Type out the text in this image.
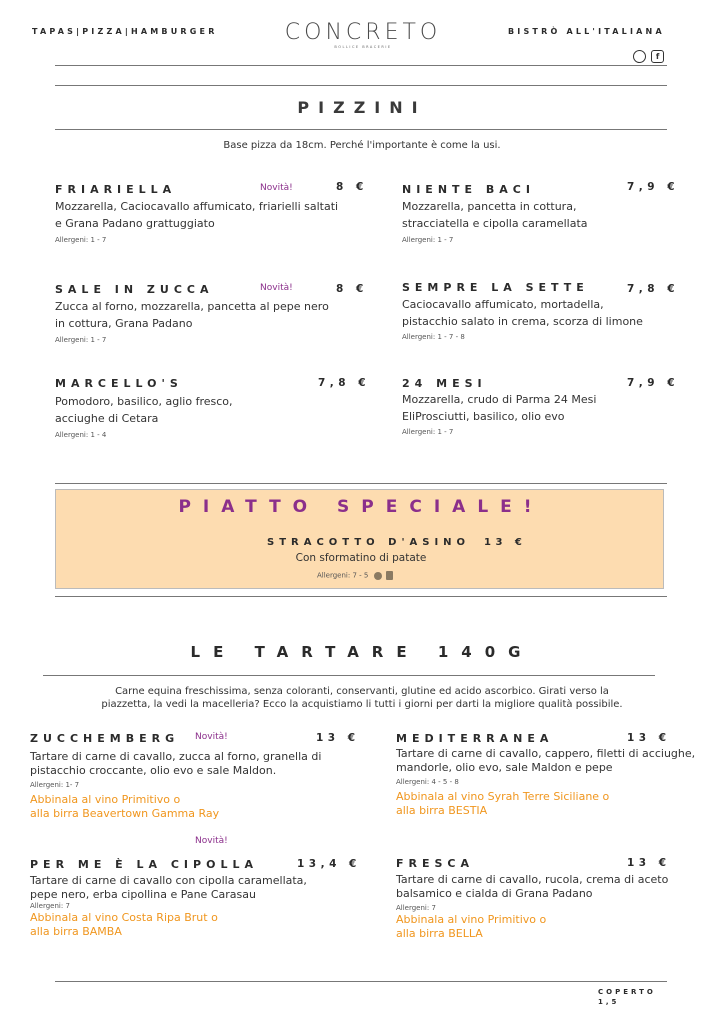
TAPAS|PIZZA|HAMBURGER	CONCRETO
BOLLICE BRACERIE
BISTRÒ ALL'ITALIANA
f
PIZZINI
Base pizza da 18cm. Perché l'importante è come la usi.
FRIARIELLA	Novità!	8 €
Mozzarella, Caciocavallo affumicato, friarielli saltati
e Grana Padano grattuggiato
Allergeni: 1 - 7
NIENTE BACI	7,9 €
Mozzarella, pancetta in cottura,
stracciatella e cipolla caramellata
Allergeni: 1 - 7
SALE IN ZUCCA	Novità!	8 €
Zucca al forno, mozzarella, pancetta al pepe nero
in cottura, Grana Padano
Allergeni: 1 - 7
SEMPRE LA SETTE	7,8 €
Caciocavallo affumicato, mortadella,
pistacchio salato in crema, scorza di limone
Allergeni: 1 - 7 - 8
MARCELLO'S	7,8 €
Pomodoro, basilico, aglio fresco,
acciughe di Cetara
Allergeni: 1 - 4
24 MESI	7,9 €
Mozzarella, crudo di Parma 24 Mesi
EliProsciutti, basilico, olio evo
Allergeni: 1 - 7
PIATTO SPECIALE!
STRACOTTO D'ASINO 13 €
Con sformatino di patate
Allergeni: 7 - 5
LE TARTARE 140G
Carne equina freschissima, senza coloranti, conservanti, glutine ed acido ascorbico. Girati verso la
piazzetta, la vedi la macelleria? Ecco la acquistiamo li tutti i giorni per darti la migliore qualità possibile.
ZUCCHEMBERG Novità!	13 €
Tartare di carne di cavallo, zucca al forno, granella di
pistacchio croccante, olio evo e sale Maldon.
Allergeni: 1- 7
Abbinala al vino Primitivo o
alla birra Beavertown Gamma Ray
MEDITERRANEA	13 €
Tartare di carne di cavallo, cappero, filetti di acciughe,
mandorle, olio evo, sale Maldon e pepe
Allergeni: 4 - 5 - 8
Abbinala al vino Syrah Terre Siciliane o
alla birra BESTIA
Novità!
PER ME È LA CIPOLLA	13,4 €
Tartare di carne di cavallo con cipolla caramellata,
pepe nero, erba cipollina e Pane Carasau
Allergeni: 7
Abbinala al vino Costa Ripa Brut o
alla birra BAMBA
FRESCA	13 €
Tartare di carne di cavallo, rucola, crema di aceto
balsamico e cialda di Grana Padano
Allergeni: 7
Abbinala al vino Primitivo o
alla birra BELLA
COPERTO
1,5
